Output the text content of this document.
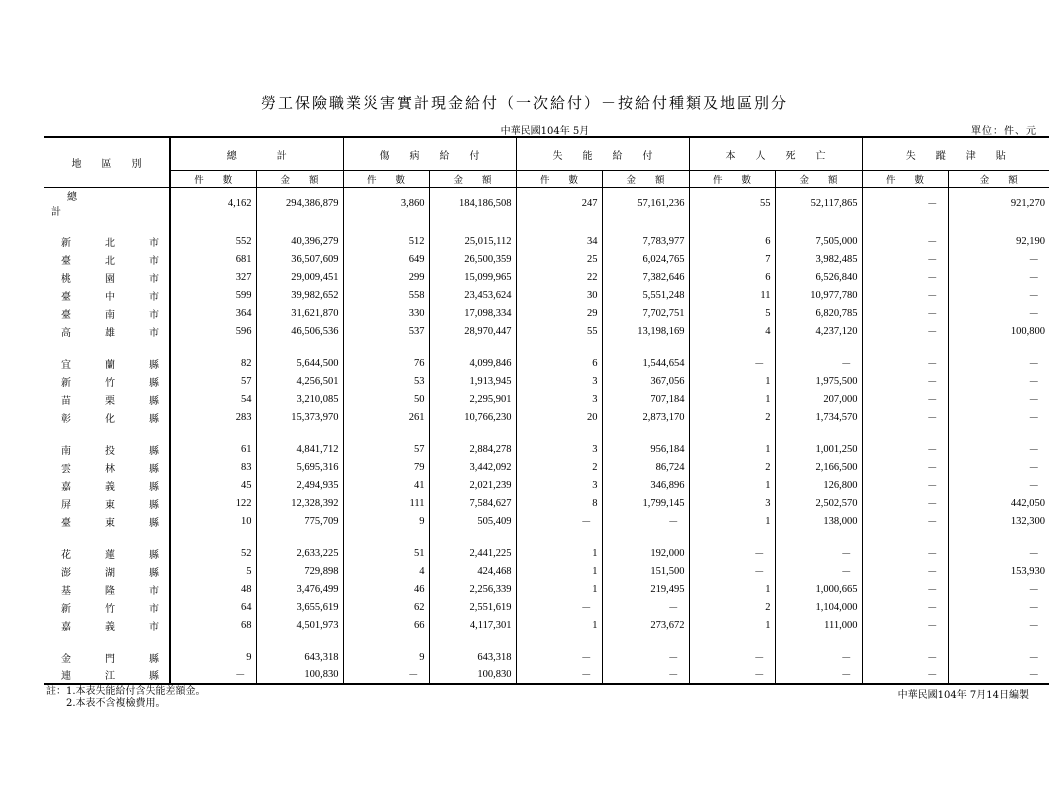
勞工保險職業災害實計現金給付（一次給付）－按給付種類及地區別分
中華民國104年 5月	單位：件、元
地　　區　　別	總　　　　計		傷　　病　　給　　付		失　　能　　給　　付		本　　人　　死　　亡		失　　蹤　　津　　貼	
	件　　數	金　　額	件　　數	金　　額	件　　數	金　　額	件　　數	金　　額	件　　數	金　　額
總
計	4,162	294,386,879	3,860	184,186,508	247	57,161,236	55	52,117,865	－	921,270

新 北 市	552	40,396,279	512	25,015,112	34	7,783,977	6	7,505,000	－	92,190
臺 北 市	681	36,507,609	649	26,500,359	25	6,024,765	7	3,982,485	－	－
桃 園 市	327	29,009,451	299	15,099,965	22	7,382,646	6	6,526,840	－	－
臺 中 市	599	39,982,652	558	23,453,624	30	5,551,248	11	10,977,780	－	－
臺 南 市	364	31,621,870	330	17,098,334	29	7,702,751	5	6,820,785	－	－
高 雄 市	596	46,506,536	537	28,970,447	55	13,198,169	4	4,237,120	－	100,800

宜 蘭 縣	82	5,644,500	76	4,099,846	6	1,544,654	－	－	－	－
新 竹 縣	57	4,256,501	53	1,913,945	3	367,056	1	1,975,500	－	－
苗 栗 縣	54	3,210,085	50	2,295,901	3	707,184	1	207,000	－	－
彰 化 縣	283	15,373,970	261	10,766,230	20	2,873,170	2	1,734,570	－	－

南 投 縣	61	4,841,712	57	2,884,278	3	956,184	1	1,001,250	－	－
雲 林 縣	83	5,695,316	79	3,442,092	2	86,724	2	2,166,500	－	－
嘉 義 縣	45	2,494,935	41	2,021,239	3	346,896	1	126,800	－	－
屏 東 縣	122	12,328,392	111	7,584,627	8	1,799,145	3	2,502,570	－	442,050
臺 東 縣	10	775,709	9	505,409	－	－	1	138,000	－	132,300

花 蓮 縣	52	2,633,225	51	2,441,225	1	192,000	－	－	－	－
澎 湖 縣	5	729,898	4	424,468	1	151,500	－	－	－	153,930
基 隆 市	48	3,476,499	46	2,256,339	1	219,495	1	1,000,665	－	－
新 竹 市	64	3,655,619	62	2,551,619	－	－	2	1,104,000	－	－
嘉 義 市	68	4,501,973	66	4,117,301	1	273,672	1	111,000	－	－

金 門 縣	9	643,318	9	643,318	－	－	－	－	－	－
連 江 縣	－	100,830	－	100,830	－	－	－	－	－	－
註：1.本表失能給付含失能差額金。
　　2.本表不含複檢費用。
中華民國104年 7月14日編製
